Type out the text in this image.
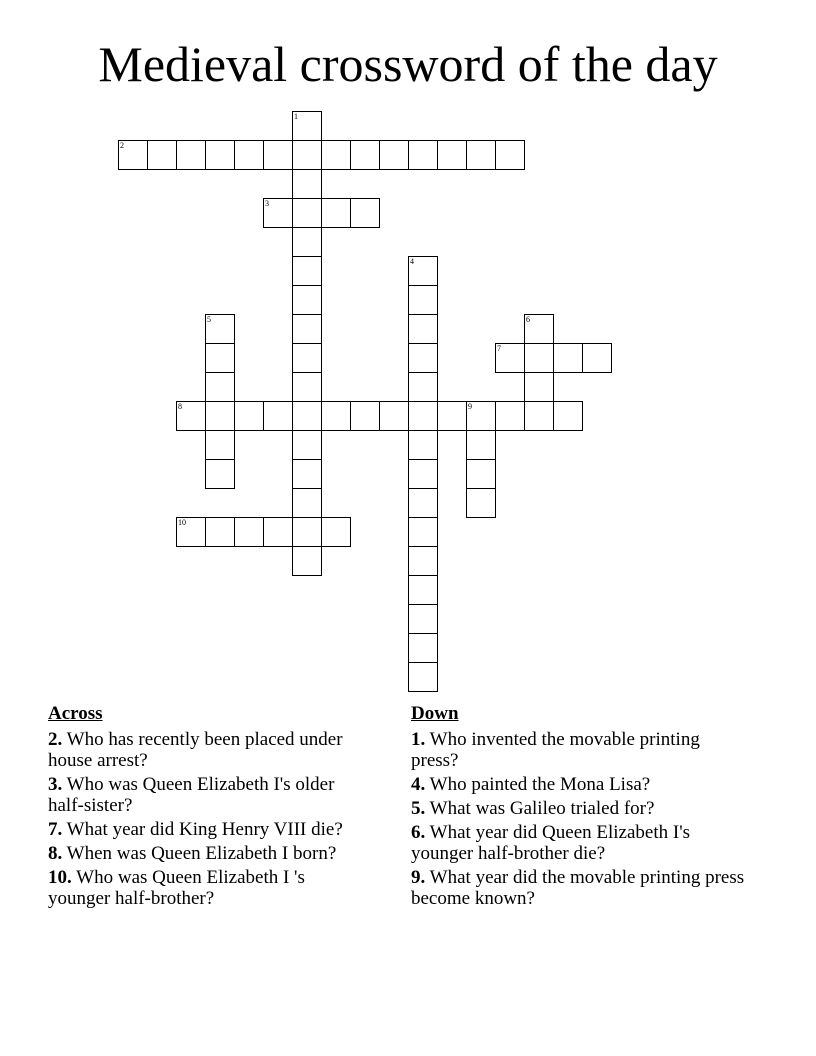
Medieval crossword of the day
1
2
3
4
5	6
7
8	9
10
Across
2. Who has recently been placed under house arrest?
3. Who was Queen Elizabeth I's older half-sister?
7. What year did King Henry VIII die?
8. When was Queen Elizabeth I born?
10. Who was Queen Elizabeth I 's younger half-brother?
Down
1. Who invented the movable printing press?
4. Who painted the Mona Lisa?
5. What was Galileo trialed for?
6. What year did Queen Elizabeth I's younger half-brother die?
9. What year did the movable printing press become known?
